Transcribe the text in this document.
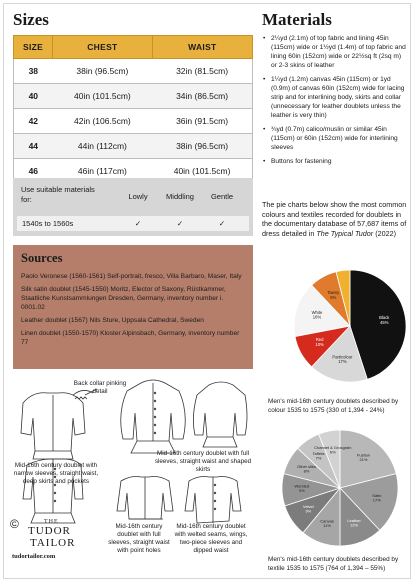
Sizes
SIZE	CHEST	WAIST
38	38in (96.5cm)	32in (81.5cm)
40	40in (101.5cm)	34in (86.5cm)
42	42in (106.5cm)	36in (91.5cm)
44	44in (112cm)	38in (96.5cm)
46	46in (117cm)	40in (101.5cm)
Use suitable materials for:	Lowly	Middling	Gentle
1540s to 1560s	✓	✓	✓
Sources

Paolo Veronese (1560-1561) Self-portrait, fresco, Villa Barbaro, Maser, Italy

Silk satin doublet (1545-1550) Moritz, Elector of Saxony, Rüstkammer, Staatliche Kunstsammlungen Dresden, Germany, inventory number i. 0001.02

Leather doublet (1567) Nils Sture, Uppsala Cathedral, Sweden

Linen doublet (1550-1570) Kloster Alpinsbach, Germany, inventory number 77

Back collar pinking detail
Mid-16th century doublet with full sleeves, straight waist and shaped skirts
Mid-16th century doublet with narrow sleeves, straight waist, deep skirts and pockets
Mid-16th century doublet with full sleeves, straight waist with point holes
Mid-16th century doublet with welted seams, wings, two-piece sleeves and dipped waist
©	THE
TUDOR
TAILOR
tudortailor.com
Materials
• 2¼yd (2.1m) of top fabric and lining 45in (115cm) wide or 1½yd (1.4m) of top fabric and lining 60in (152cm) wide or 22½sq ft (2sq m) or 2-3 skins of leather
• 1¼yd (1.2m) canvas 45in (115cm) or 1yd (0.9m) of canvas 60in (152cm) wide for lacing strip and for interlining body, skirts and collar (unnecessary for leather doublets unless the leather is very thin)
• ¾yd (0.7m) calico/muslin or similar 45in (115cm) or 60in (152cm) wide for interlining sleeves
• Buttons for fastening
The pie charts below show the most common colours and textiles recorded for doublets in the documentary database of 57,687 items of dress detailed in The Typical Tudor (2022)
Black 45%
Particolour 17%
Red 10%
White 16%
Tawny 8%
Men's mid-16th century doublets described by colour 1535 to 1575 (330 of 1,394 - 24%)
Fustian 21%
Satin 17%
Leather 12%
Canvas 11%
Velvet 9%
Worsted 9%
Other silks 8%
Taffeta 7%
Chamlet & Grosgrain 6%
Men's mid-16th century doublets described by textile 1535 to 1575 (764 of 1,394 – 55%)
